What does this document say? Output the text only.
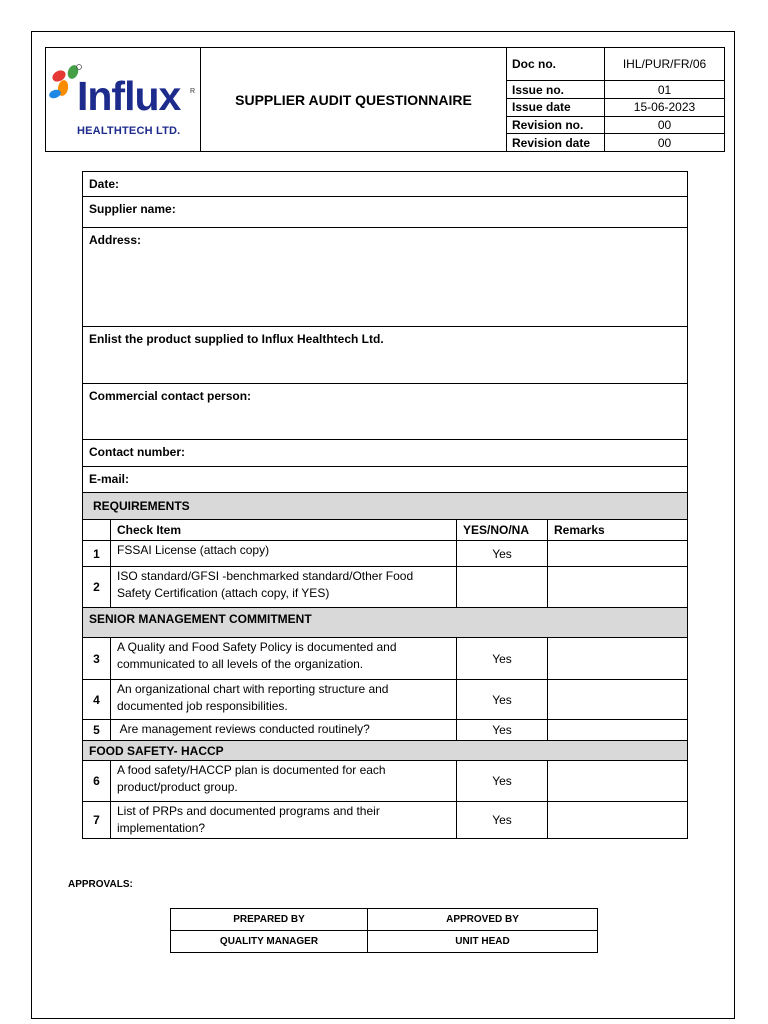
Influx R
HEALTHTECH LTD.	SUPPLIER AUDIT QUESTIONNAIRE	Doc no.	IHL/PUR/FR/06
		Issue no.	01
		Issue date	15-06-2023
		Revision no.	00
		Revision date	00
Date:			
Supplier name:			
Address:			
Enlist the product supplied to Influx Healthtech Ltd.			
Commercial contact person:			
Contact number:			
E-mail:			
REQUIREMENTS			
	Check Item	YES/NO/NA	Remarks
1	FSSAI License (attach copy)	Yes	
2	ISO standard/GFSI -benchmarked standard/Other Food Safety Certification (attach copy, if YES)		
SENIOR MANAGEMENT COMMITMENT			
3	A Quality and Food Safety Policy is documented and communicated to all levels of the organization.	Yes	
4	An organizational chart with reporting structure and documented job responsibilities.	Yes	
5	Are management reviews conducted routinely?	Yes	
FOOD SAFETY- HACCP			
6	A food safety/HACCP plan is documented for each product/product group.	Yes	
7	List of PRPs and documented programs and their implementation?	Yes	
APPROVALS:
PREPARED BY	APPROVED BY
QUALITY MANAGER	UNIT HEAD
